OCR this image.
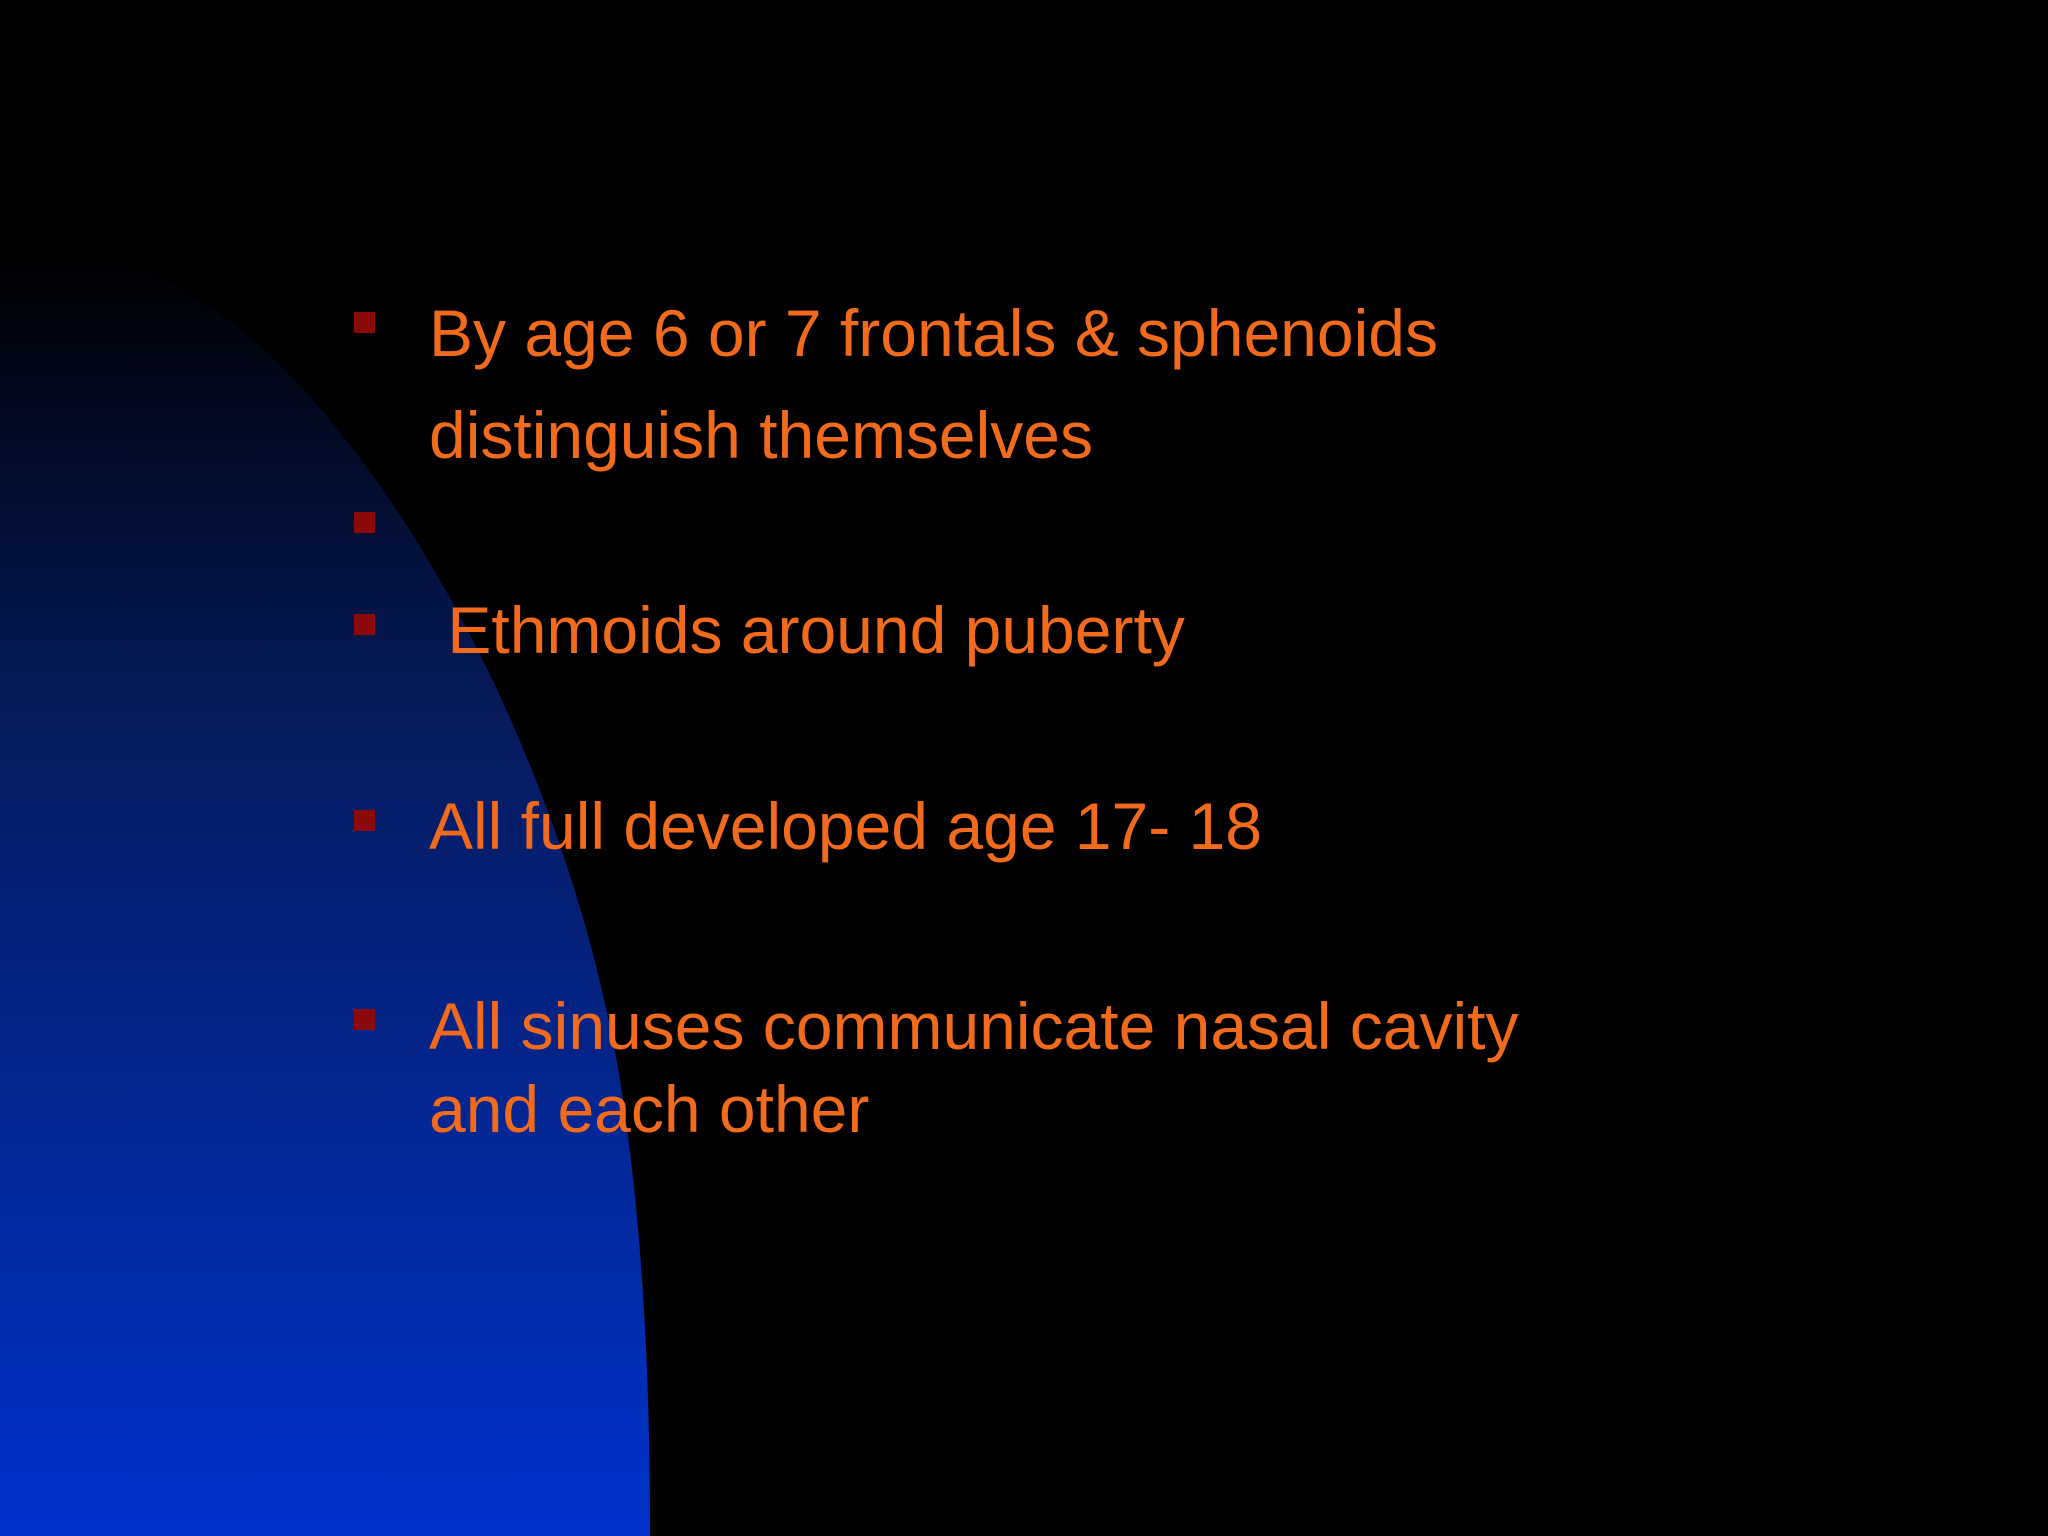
By age 6 or 7 frontals & sphenoids
distinguish themselves
Ethmoids around puberty
All full developed age 17- 18
All sinuses communicate nasal cavity
and each other
